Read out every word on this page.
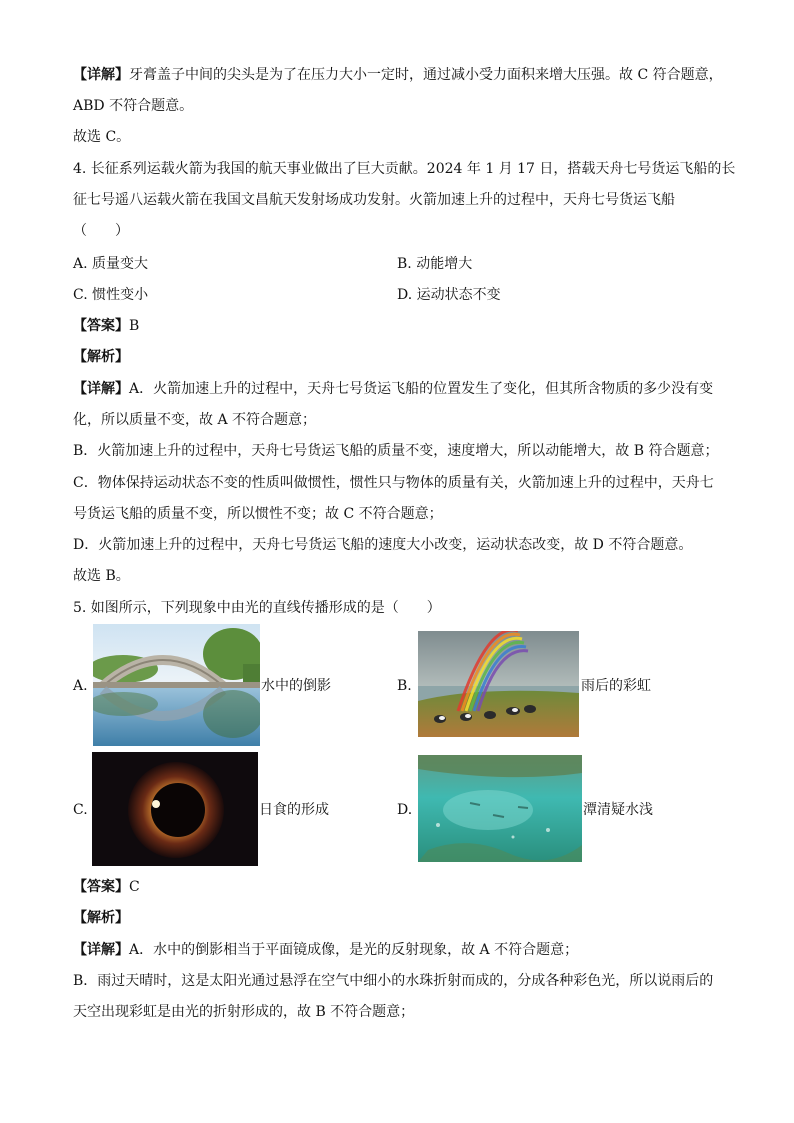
【详解】牙膏盖子中间的尖头是为了在压力大小一定时，通过减小受力面积来增大压强。故 C 符合题意，
ABD 不符合题意。
故选 C。
4. 长征系列运载火箭为我国的航天事业做出了巨大贡献。2024 年 1 月 17 日，搭载天舟七号货运飞船的长
征七号遥八运载火箭在我国文昌航天发射场成功发射。火箭加速上升的过程中，天舟七号货运飞船
（　　）
A. 质量变大	B. 动能增大
C. 惯性变小	D. 运动状态不变
【答案】B
【解析】
【详解】A．火箭加速上升的过程中，天舟七号货运飞船的位置发生了变化，但其所含物质的多少没有变
化，所以质量不变，故 A 不符合题意；
B．火箭加速上升的过程中，天舟七号货运飞船的质量不变，速度增大，所以动能增大，故 B 符合题意；
C．物体保持运动状态不变的性质叫做惯性，惯性只与物体的质量有关，火箭加速上升的过程中，天舟七
号货运飞船的质量不变，所以惯性不变；故 C 不符合题意；
D．火箭加速上升的过程中，天舟七号货运飞船的速度大小改变，运动状态改变，故 D 不符合题意。
故选 B。
5. 如图所示，下列现象中由光的直线传播形成的是（　　）
A.	水中的倒影	B.	雨后的彩虹
C.	日食的形成	D.	潭清疑水浅
【答案】C
【解析】
【详解】A．水中的倒影相当于平面镜成像，是光的反射现象，故 A 不符合题意；
B．雨过天晴时，这是太阳光通过悬浮在空气中细小的水珠折射而成的，分成各种彩色光，所以说雨后的
天空出现彩虹是由光的折射形成的，故 B 不符合题意；
